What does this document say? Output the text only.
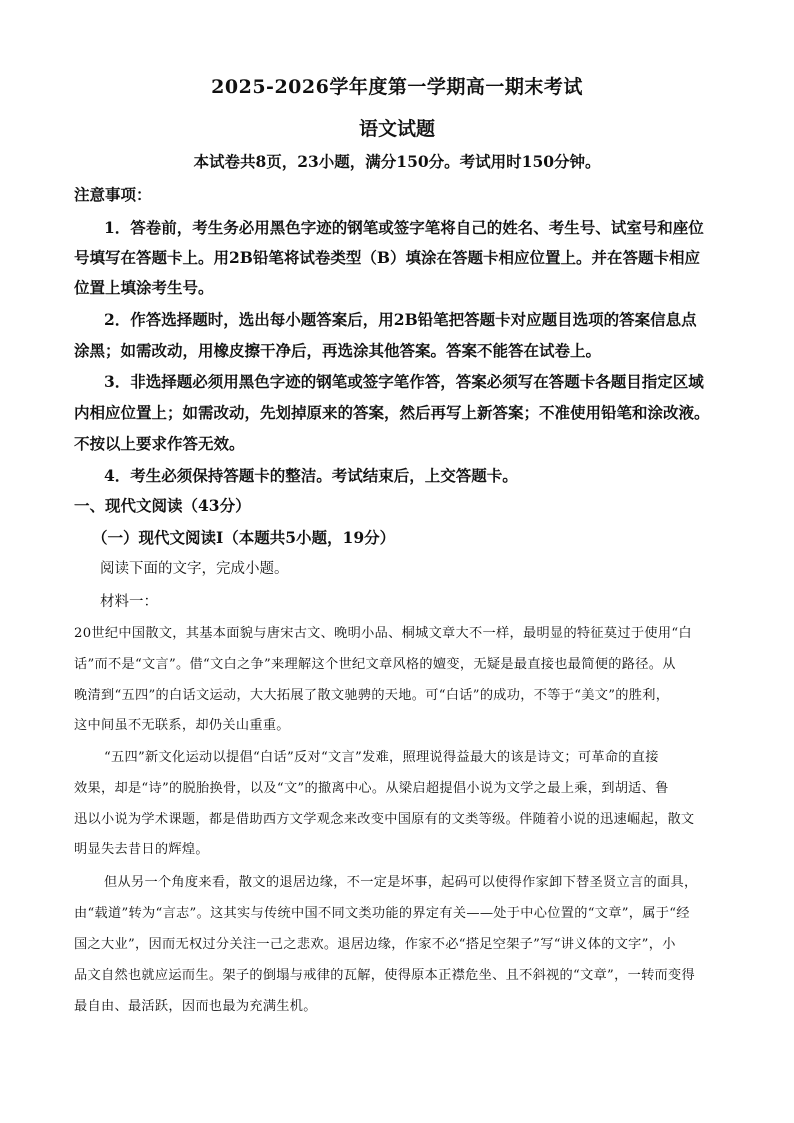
2025-2026学年度第一学期高一期末考试
语文试题
本试卷共8页，23小题，满分150分。考试用时150分钟。
注意事项：
1．答卷前，考生务必用黑色字迹的钢笔或签字笔将自己的姓名、考生号、试室号和座位
号填写在答题卡上。用2B铅笔将试卷类型（B）填涂在答题卡相应位置上。并在答题卡相应
位置上填涂考生号。
2．作答选择题时，选出每小题答案后，用2B铅笔把答题卡对应题目选项的答案信息点
涂黑；如需改动，用橡皮擦干净后，再选涂其他答案。答案不能答在试卷上。
3．非选择题必须用黑色字迹的钢笔或签字笔作答，答案必须写在答题卡各题目指定区域
内相应位置上；如需改动，先划掉原来的答案，然后再写上新答案；不准使用铅笔和涂改液。
不按以上要求作答无效。
4．考生必须保持答题卡的整洁。考试结束后，上交答题卡。
一、现代文阅读（43分）
（一）现代文阅读Ⅰ（本题共5小题，19分）
阅读下面的文字，完成小题。
材料一：
20世纪中国散文，其基本面貌与唐宋古文、晚明小品、桐城文章大不一样，最明显的特征莫过于使用“白
话”而不是“文言”。借“文白之争”来理解这个世纪文章风格的嬗变，无疑是最直接也最简便的路径。从
晚清到“五四”的白话文运动，大大拓展了散文驰骋的天地。可“白话”的成功，不等于“美文”的胜利，
这中间虽不无联系，却仍关山重重。
“五四”新文化运动以提倡“白话”反对“文言”发难，照理说得益最大的该是诗文；可革命的直接
效果，却是“诗”的脱胎换骨，以及“文”的撤离中心。从梁启超提倡小说为文学之最上乘，到胡适、鲁
迅以小说为学术课题，都是借助西方文学观念来改变中国原有的文类等级。伴随着小说的迅速崛起，散文
明显失去昔日的辉煌。
但从另一个角度来看，散文的退居边缘，不一定是坏事，起码可以使得作家卸下替圣贤立言的面具，
由“载道”转为“言志”。这其实与传统中国不同文类功能的界定有关——处于中心位置的“文章”，属于“经
国之大业”，因而无权过分关注一己之悲欢。退居边缘，作家不必“搭足空架子”写“讲义体的文字”，小
品文自然也就应运而生。架子的倒塌与戒律的瓦解，使得原本正襟危坐、且不斜视的“文章”，一转而变得
最自由、最活跃，因而也最为充满生机。
